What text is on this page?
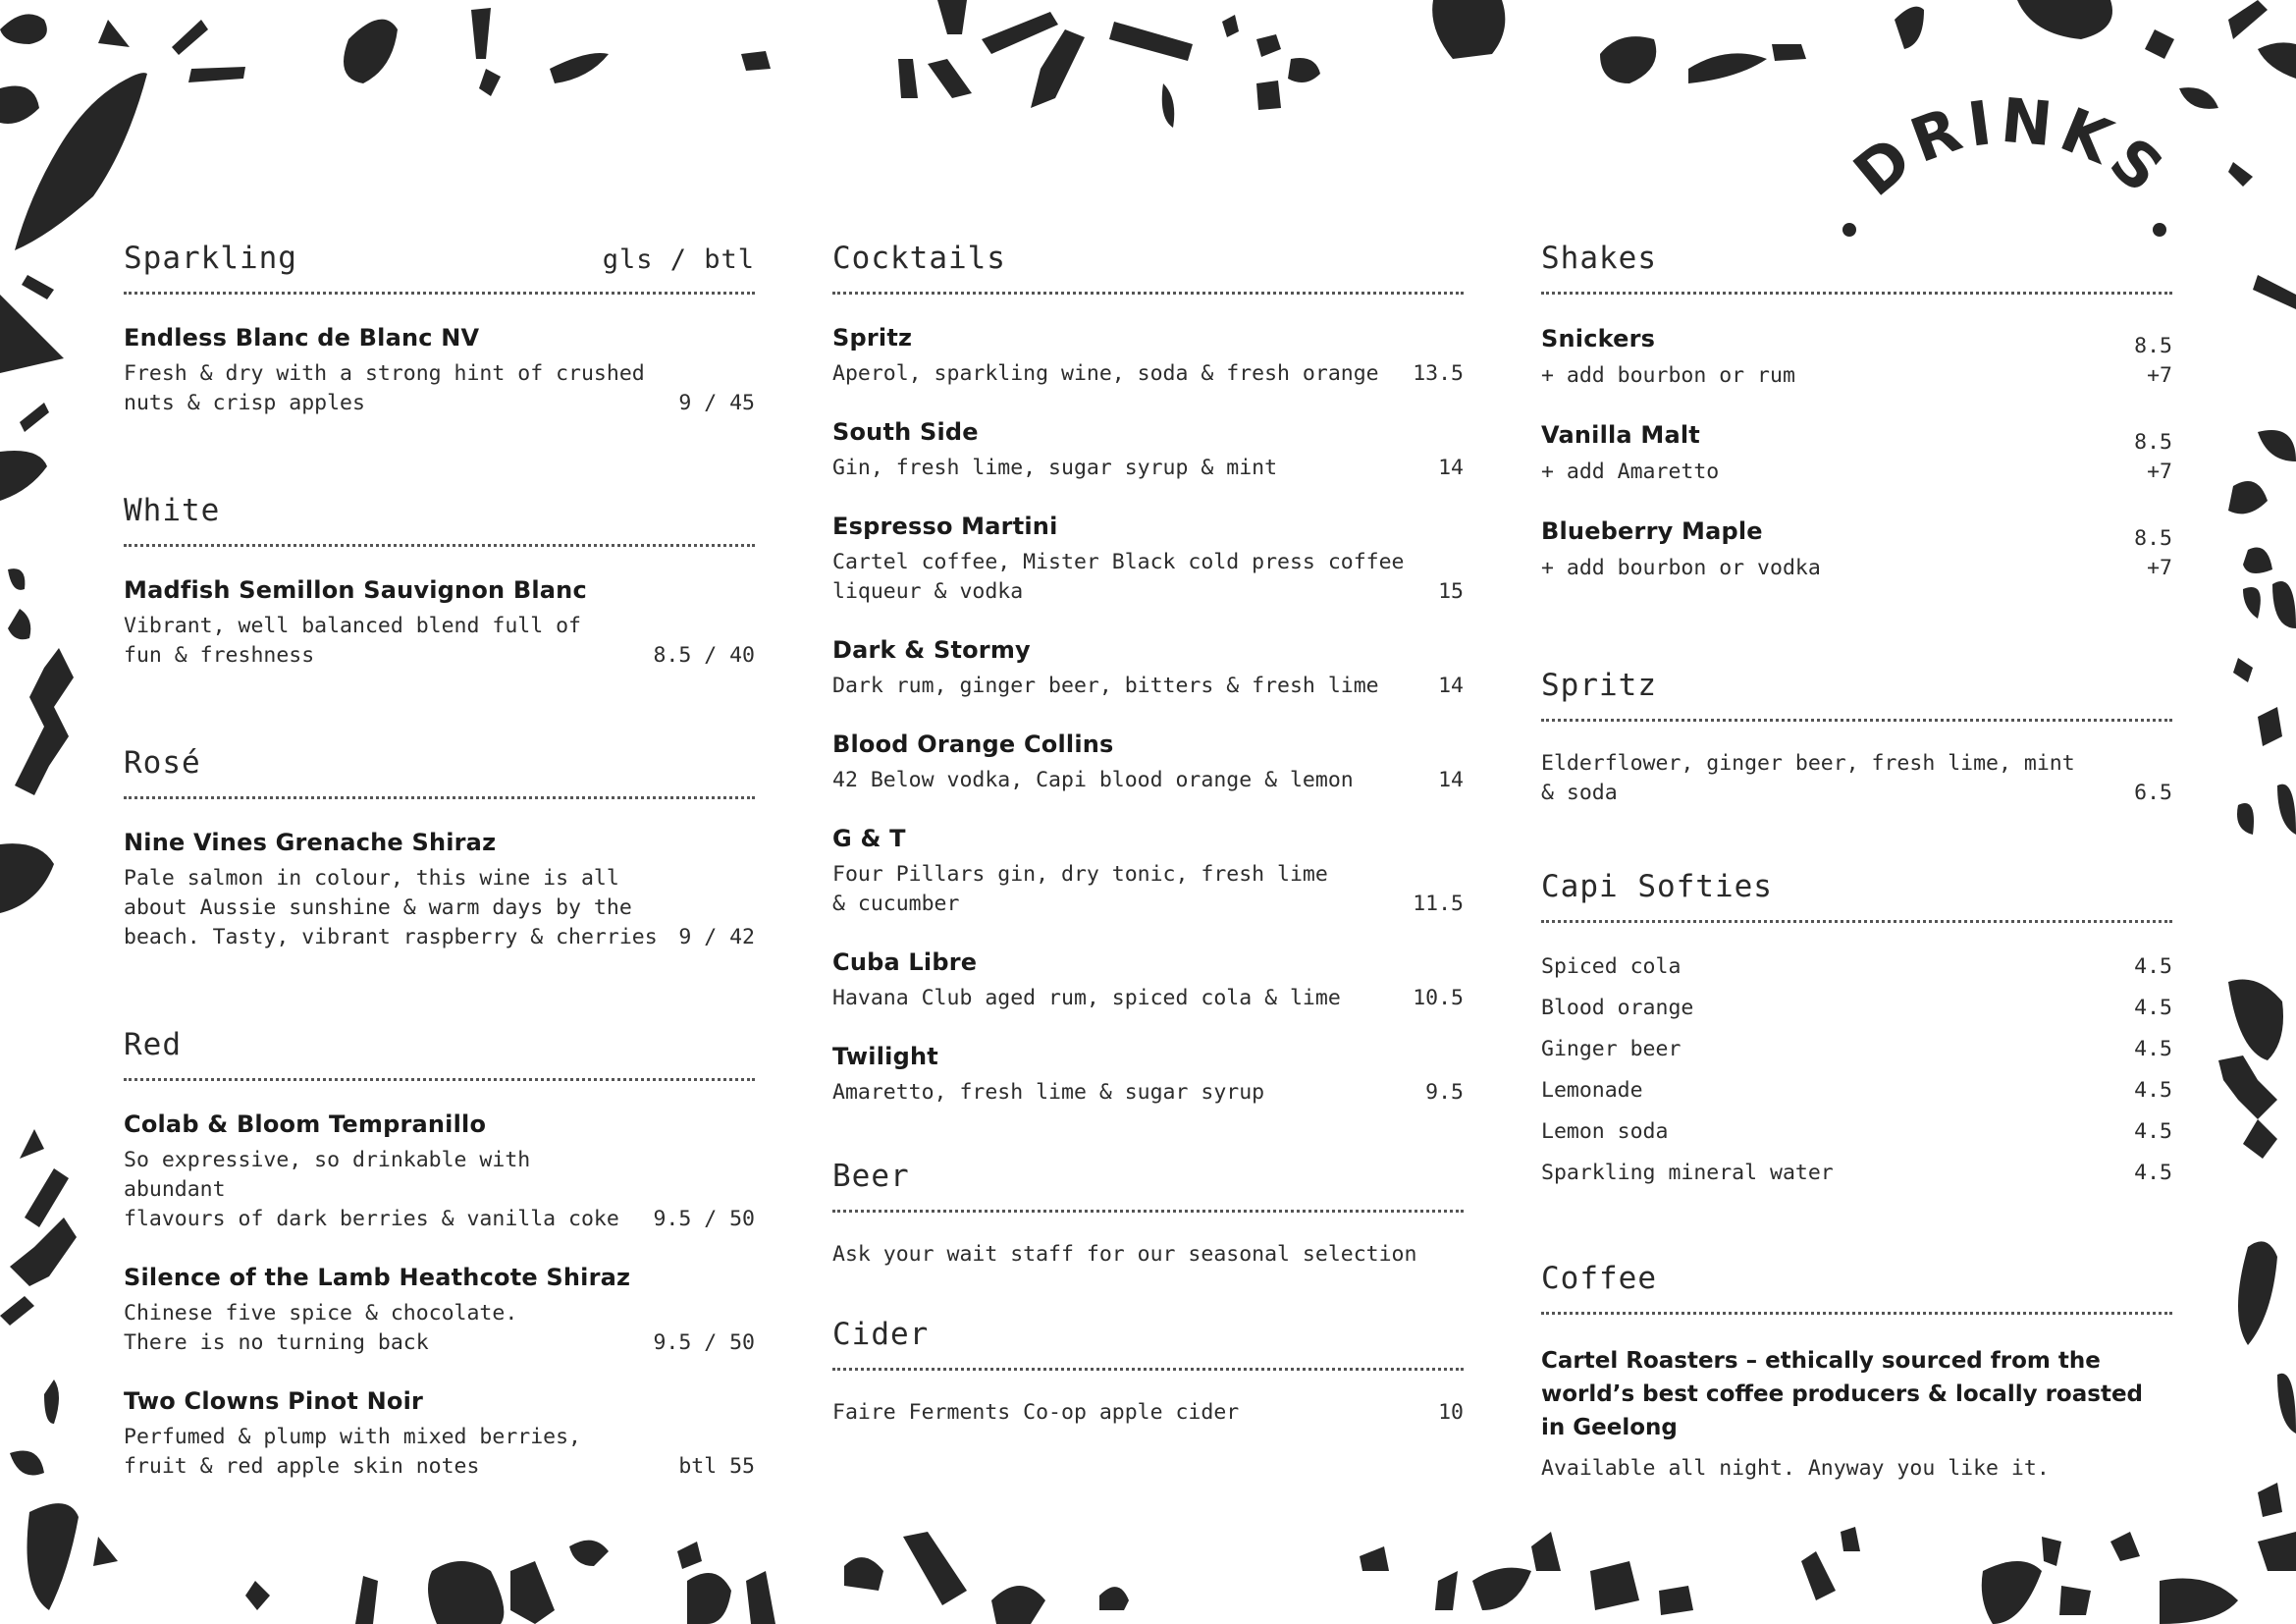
DRINKS
Sparkling	gls / btl
Endless Blanc de Blanc NV
Fresh & dry with a strong hint of crushed
nuts & crisp apples	9 / 45
White
Madfish Semillon Sauvignon Blanc
Vibrant, well balanced blend full of
fun & freshness	8.5 / 40
Rosé
Nine Vines Grenache Shiraz
Pale salmon in colour, this wine is all
about Aussie sunshine & warm days by the
beach. Tasty, vibrant raspberry & cherries	9 / 42
Red
Colab & Bloom Tempranillo
So expressive, so drinkable with abundant
flavours of dark berries & vanilla coke	9.5 / 50
Silence of the Lamb Heathcote Shiraz
Chinese five spice & chocolate.
There is no turning back	9.5 / 50
Two Clowns Pinot Noir
Perfumed & plump with mixed berries,
fruit & red apple skin notes	btl 55
Cocktails
Spritz
Aperol, sparkling wine, soda & fresh orange	13.5
South Side
Gin, fresh lime, sugar syrup & mint	14
Espresso Martini
Cartel coffee, Mister Black cold press coffee
liqueur & vodka	15
Dark & Stormy
Dark rum, ginger beer, bitters & fresh lime	14
Blood Orange Collins
42 Below vodka, Capi blood orange & lemon	14
G & T
Four Pillars gin, dry tonic, fresh lime
& cucumber	11.5
Cuba Libre
Havana Club aged rum, spiced cola & lime	10.5
Twilight
Amaretto, fresh lime & sugar syrup	9.5
Beer
Ask your wait staff for our seasonal selection
Cider
Faire Ferments Co-op apple cider	10
Shakes
Snickers	8.5
+ add bourbon or rum	+7
Vanilla Malt	8.5
+ add Amaretto	+7
Blueberry Maple	8.5
+ add bourbon or vodka	+7
Spritz
Elderflower, ginger beer, fresh lime, mint
& soda	6.5
Capi Softies
Spiced cola	4.5
Blood orange	4.5
Ginger beer	4.5
Lemonade	4.5
Lemon soda	4.5
Sparkling mineral water	4.5
Coffee
Cartel Roasters – ethically sourced from the world’s best coffee producers & locally roasted in Geelong
Available all night. Anyway you like it.
